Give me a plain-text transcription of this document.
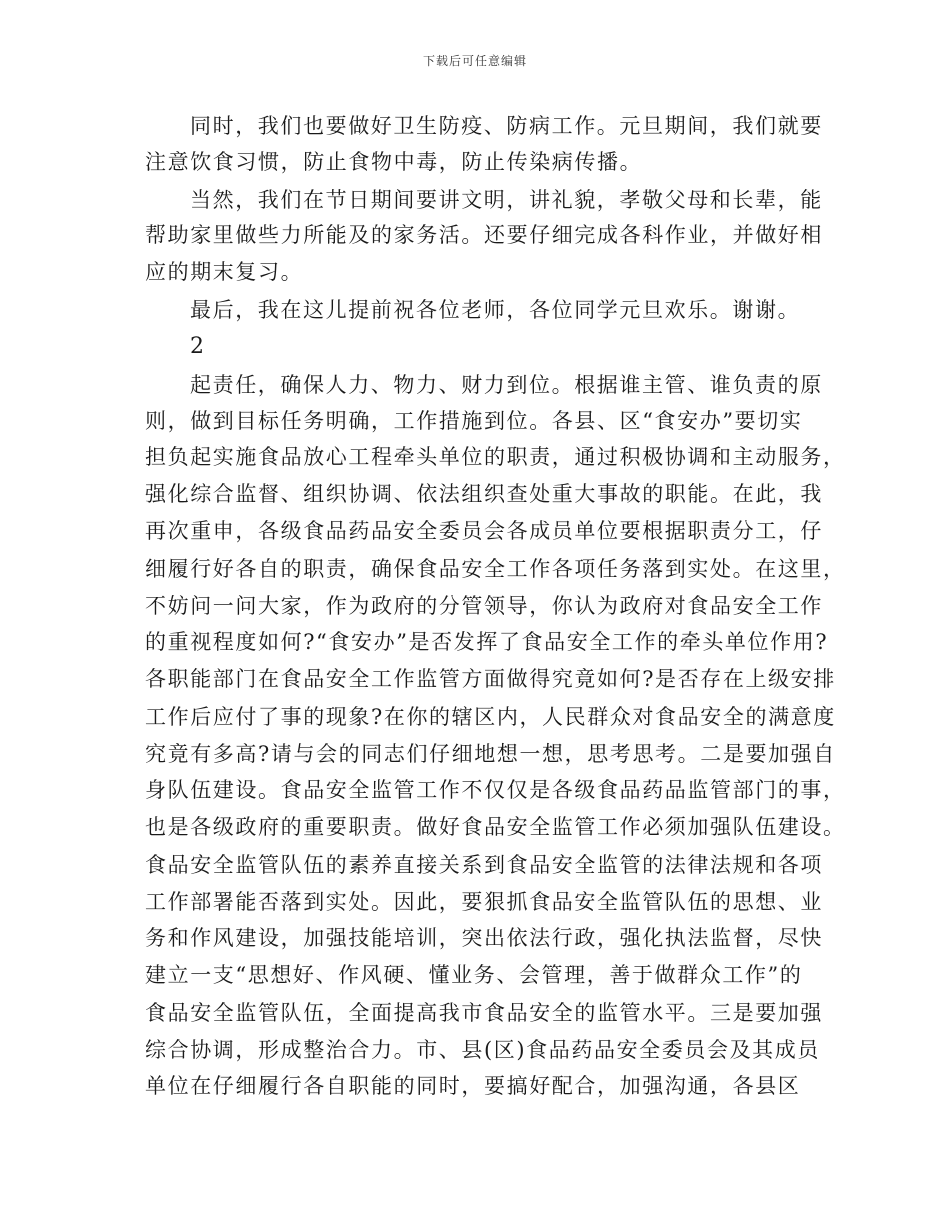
下载后可任意编辑
同时，我们也要做好卫生防疫、防病工作。元旦期间，我们就要
注意饮食习惯，防止食物中毒，防止传染病传播。
当然，我们在节日期间要讲文明，讲礼貌，孝敬父母和长辈，能
帮助家里做些力所能及的家务活。还要仔细完成各科作业，并做好相
应的期末复习。
最后，我在这儿提前祝各位老师，各位同学元旦欢乐。谢谢。
2
起责任，确保人力、物力、财力到位。根据谁主管、谁负责的原
则，做到目标任务明确，工作措施到位。各县、区“食安办”要切实
担负起实施食品放心工程牵头单位的职责，通过积极协调和主动服务，
强化综合监督、组织协调、依法组织查处重大事故的职能。在此，我
再次重申，各级食品药品安全委员会各成员单位要根据职责分工，仔
细履行好各自的职责，确保食品安全工作各项任务落到实处。在这里，
不妨问一问大家，作为政府的分管领导，你认为政府对食品安全工作
的重视程度如何?“食安办”是否发挥了食品安全工作的牵头单位作用?
各职能部门在食品安全工作监管方面做得究竟如何?是否存在上级安排
工作后应付了事的现象?在你的辖区内，人民群众对食品安全的满意度
究竟有多高?请与会的同志们仔细地想一想，思考思考。二是要加强自
身队伍建设。食品安全监管工作不仅仅是各级食品药品监管部门的事，
也是各级政府的重要职责。做好食品安全监管工作必须加强队伍建设。
食品安全监管队伍的素养直接关系到食品安全监管的法律法规和各项
工作部署能否落到实处。因此，要狠抓食品安全监管队伍的思想、业
务和作风建设，加强技能培训，突出依法行政，强化执法监督，尽快
建立一支“思想好、作风硬、懂业务、会管理，善于做群众工作”的
食品安全监管队伍，全面提高我市食品安全的监管水平。三是要加强
综合协调，形成整治合力。市、县(区)食品药品安全委员会及其成员
单位在仔细履行各自职能的同时，要搞好配合，加强沟通，各县区
